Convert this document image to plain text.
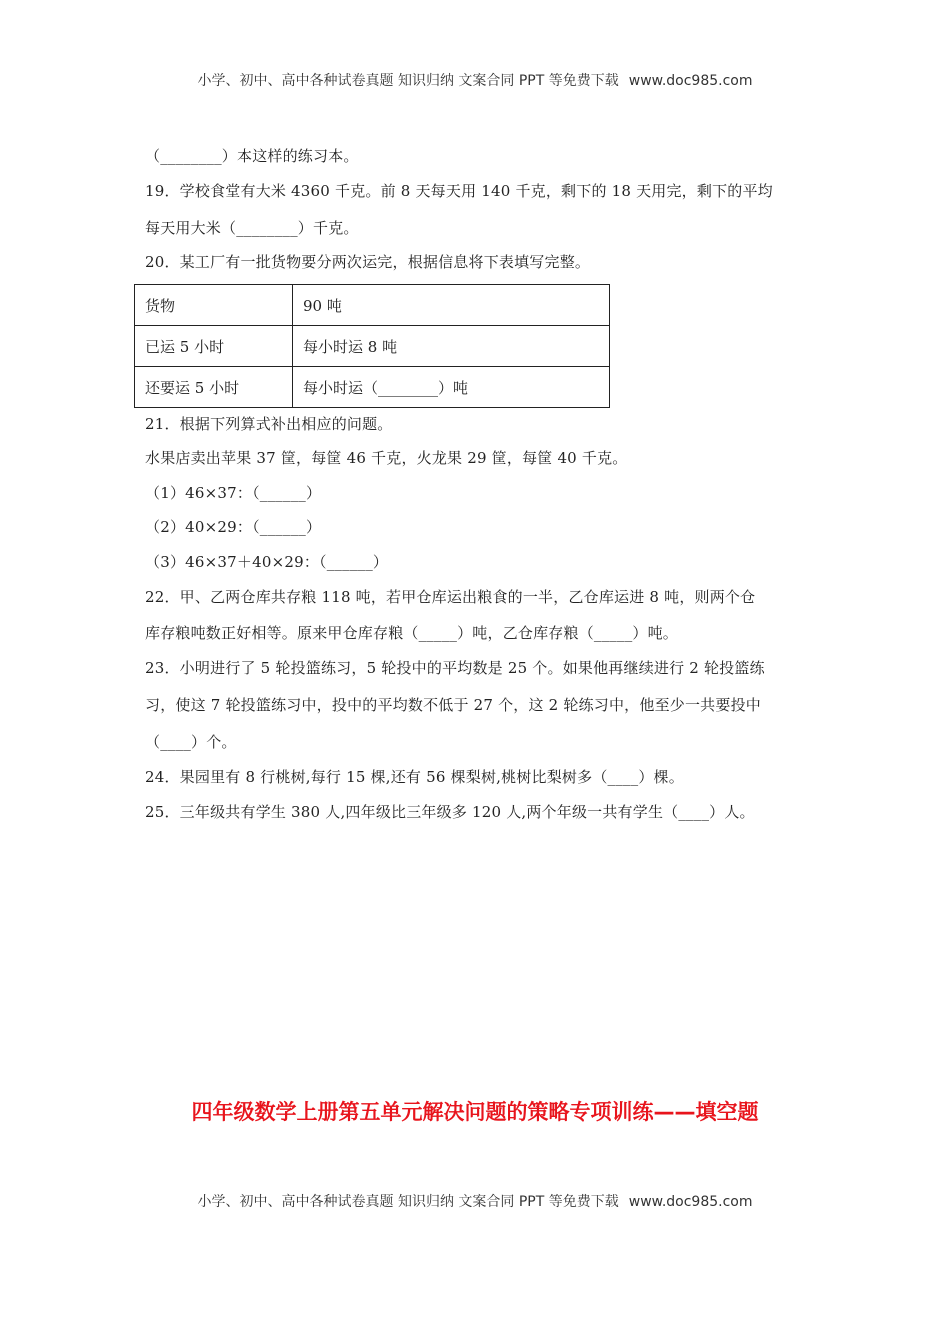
小学、初中、高中各种试卷真题 知识归纳 文案合同 PPT 等免费下载 www.doc985.com
（________）本这样的练习本。
19．学校食堂有大米 4360 千克。前 8 天每天用 140 千克，剩下的 18 天用完，剩下的平均
每天用大米（________）千克。
20．某工厂有一批货物要分两次运完，根据信息将下表填写完整。
货物	90 吨
已运 5 小时	每小时运 8 吨
还要运 5 小时	每小时运（________）吨
21．根据下列算式补出相应的问题。
水果店卖出苹果 37 筐，每筐 46 千克，火龙果 29 筐，每筐 40 千克。
（1）46×37：（______）
（2）40×29：（______）
（3）46×37＋40×29：（______）
22．甲、乙两仓库共存粮 118 吨，若甲仓库运出粮食的一半，乙仓库运进 8 吨，则两个仓
库存粮吨数正好相等。原来甲仓库存粮（_____）吨，乙仓库存粮（_____）吨。
23．小明进行了 5 轮投篮练习，5 轮投中的平均数是 25 个。如果他再继续进行 2 轮投篮练
习，使这 7 轮投篮练习中，投中的平均数不低于 27 个，这 2 轮练习中，他至少一共要投中
（____）个。
24．果园里有 8 行桃树,每行 15 棵,还有 56 棵梨树,桃树比梨树多（____）棵。
25．三年级共有学生 380 人,四年级比三年级多 120 人,两个年级一共有学生（____）人。
四年级数学上册第五单元解决问题的策略专项训练——填空题
小学、初中、高中各种试卷真题 知识归纳 文案合同 PPT 等免费下载 www.doc985.com
